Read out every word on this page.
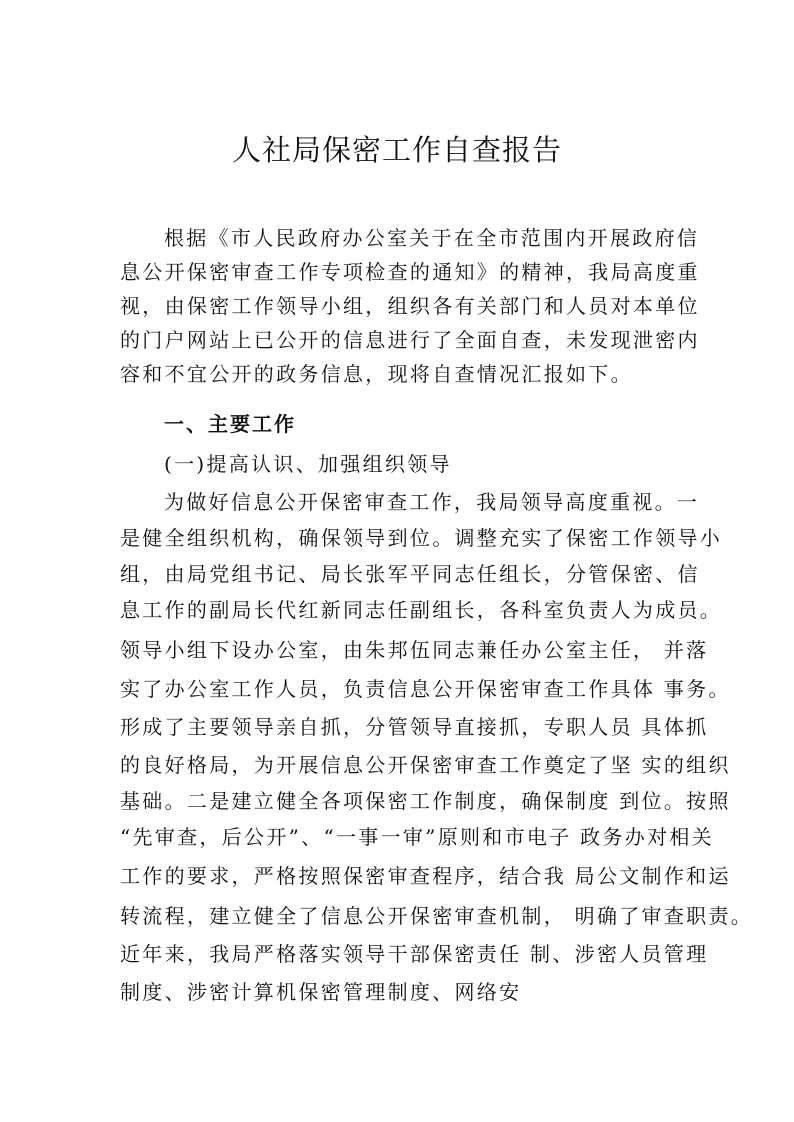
人社局保密工作自查报告
根据《市人民政府办公室关于在全市范围内开展政府信
息公开保密审查工作专项检查的通知》的精神，我局高度重
视，由保密工作领导小组，组织各有关部门和人员对本单位
的门户网站上已公开的信息进行了全面自查，未发现泄密内
容和不宜公开的政务信息，现将自查情况汇报如下。
一、主要工作
(一)提高认识、加强组织领导
为做好信息公开保密审查工作，我局领导高度重视。一
是健全组织机构，确保领导到位。调整充实了保密工作领导小
组，由局党组书记、局长张军平同志任组长，分管保密、信
息工作的副局长代红新同志任副组长，各科室负责人为成员。
领导小组下设办公室，由朱邦伍同志兼任办公室主任， 并落
实了办公室工作人员，负责信息公开保密审查工作具体 事务。
形成了主要领导亲自抓，分管领导直接抓，专职人员 具体抓
的良好格局，为开展信息公开保密审查工作奠定了坚 实的组织
基础。二是建立健全各项保密工作制度，确保制度 到位。按照
“先审查，后公开”、“一事一审”原则和市电子 政务办对相关
工作的要求，严格按照保密审查程序，结合我 局公文制作和运
转流程，建立健全了信息公开保密审查机制， 明确了审查职责。
近年来，我局严格落实领导干部保密责任 制、涉密人员管理
制度、涉密计算机保密管理制度、网络安
